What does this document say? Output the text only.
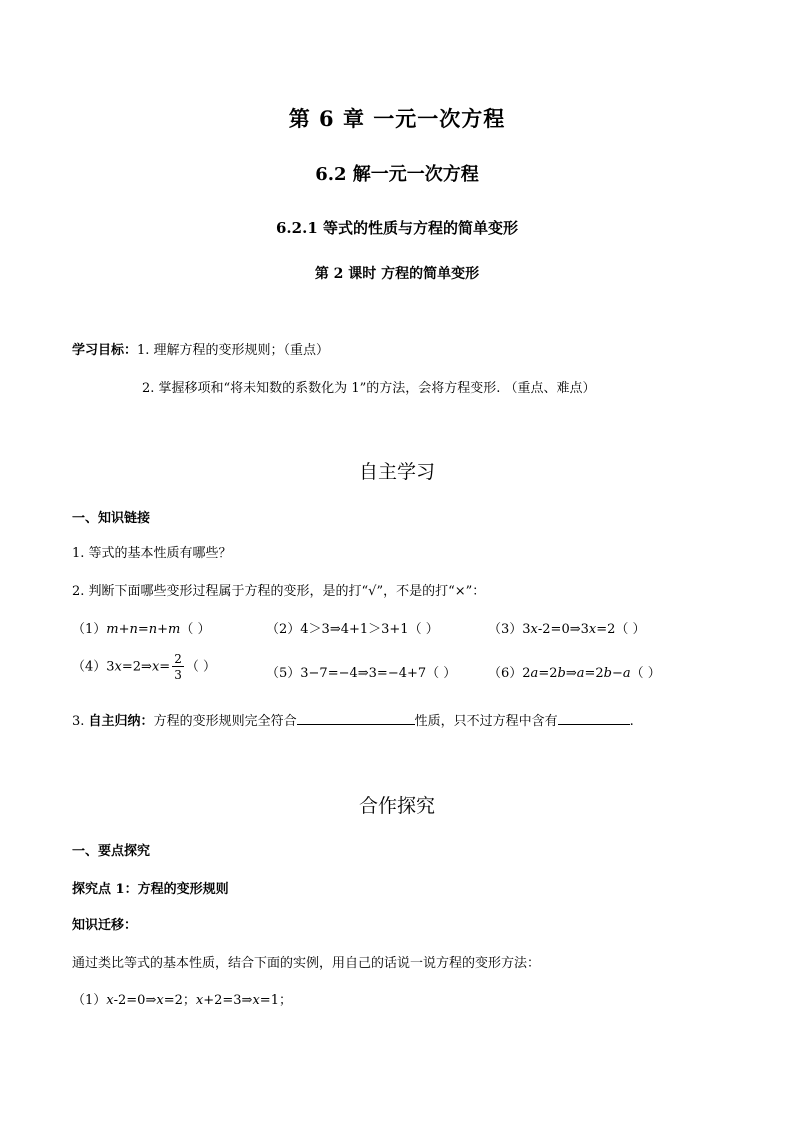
第 6 章 一元一次方程
6.2 解一元一次方程
6.2.1 等式的性质与方程的简单变形
第 2 课时 方程的简单变形
学习目标：1. 理解方程的变形规则；（重点）
2. 掌握移项和“将未知数的系数化为 1”的方法，会将方程变形. （重点、难点）
自主学习
一、知识链接
1. 等式的基本性质有哪些？
2. 判断下面哪些变形过程属于方程的变形，是的打“√”，不是的打“×”：
（1）m+n=n+m（ ）	（2）4＞3⇒4+1＞3+1（ ）	（3）3x-2=0⇒3x=2（ ）
（4）3x=2⇒x= $\frac{2}{3}$ （ ）	（5）3−7=−4⇒3=−4+7（ ） （6）2a=2b⇒a=2b−a（ ）
3. 自主归纳：方程的变形规则完全符合	性质，只不过方程中含有	.
合作探究
一、要点探究
探究点 1：方程的变形规则
知识迁移：
通过类比等式的基本性质，结合下面的实例，用自己的话说一说方程的变形方法：
（1）x-2=0⇒x=2；x+2=3⇒x=1；
